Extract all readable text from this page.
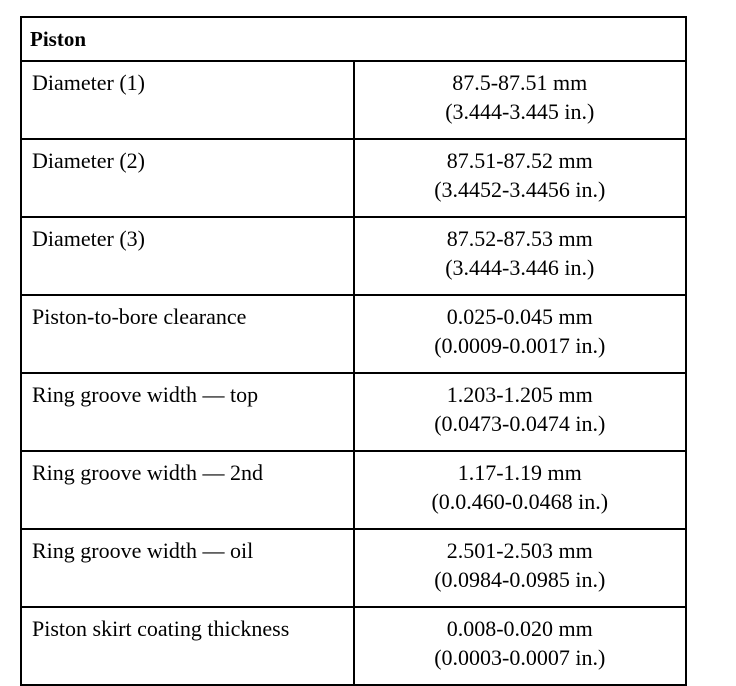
Piston	
Diameter (1)	87.5-87.51 mm
(3.444-3.445 in.)

Diameter (2)	87.51-87.52 mm
(3.4452-3.4456 in.)

Diameter (3)	87.52-87.53 mm
(3.444-3.446 in.)

Piston-to-bore clearance	0.025-0.045 mm
(0.0009-0.0017 in.)

Ring groove width — top	1.203-1.205 mm
(0.0473-0.0474 in.)

Ring groove width — 2nd	1.17-1.19 mm
(0.0.460-0.0468 in.)

Ring groove width — oil	2.501-2.503 mm
(0.0984-0.0985 in.)

Piston skirt coating thickness	0.008-0.020 mm
(0.0003-0.0007 in.)
